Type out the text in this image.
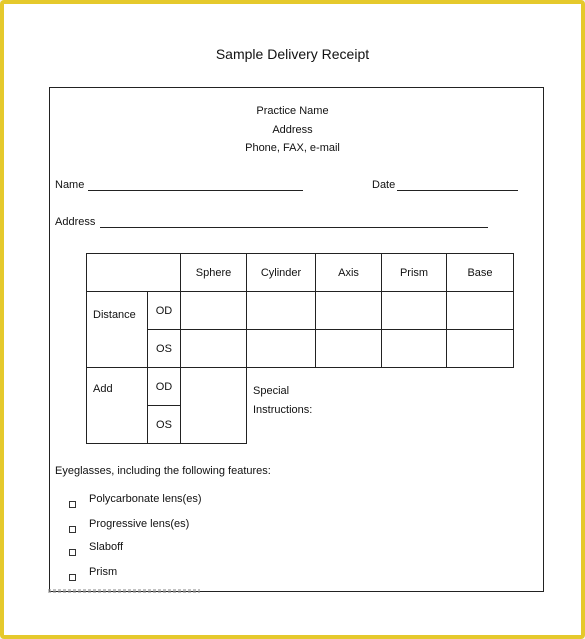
Sample Delivery Receipt
Practice Name
Address
Phone, FAX, e-mail
Name	Date
Address
		Sphere	Cylinder	Axis	Prism	Base
Distance	OD					
	OS					
Add	OD		Special
Instructions:			

	OS					
Eyeglasses, including the following features:
Polycarbonate lens(es)
Progressive lens(es)
Slaboff
Prism
